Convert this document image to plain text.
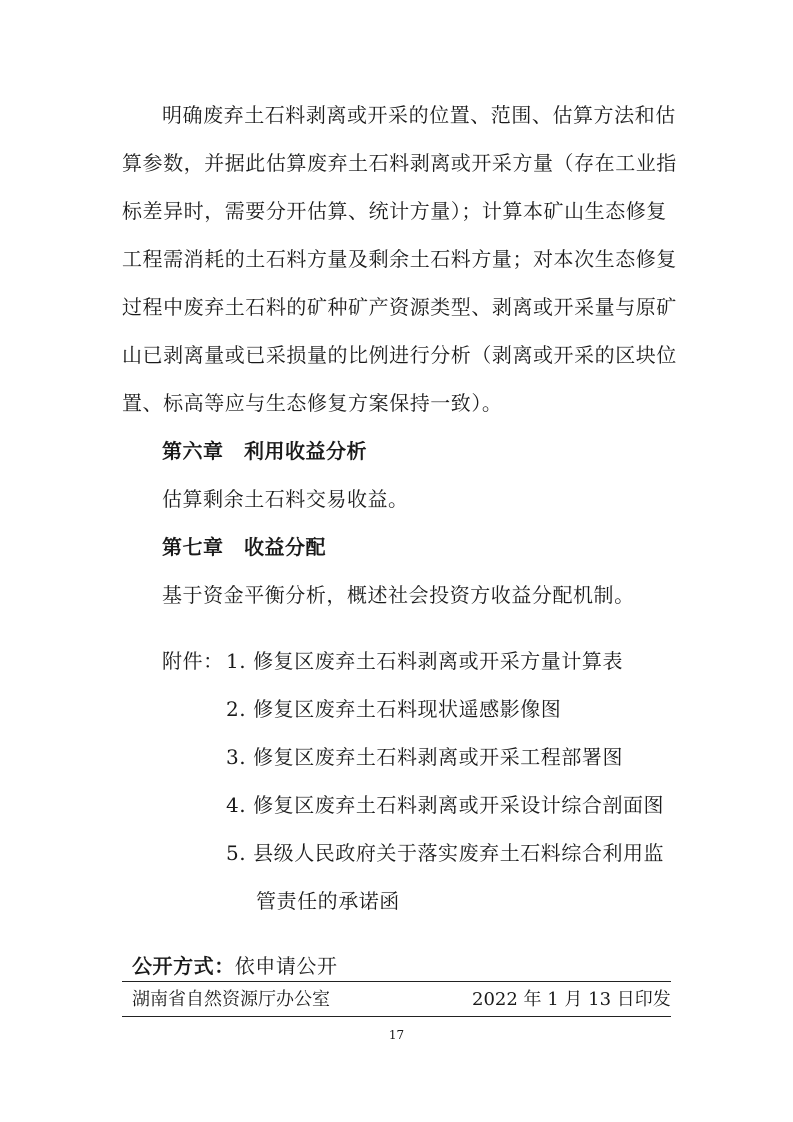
明确废弃土石料剥离或开采的位置、范围、估算方法和估
算参数，并据此估算废弃土石料剥离或开采方量（存在工业指
标差异时，需要分开估算、统计方量）；计算本矿山生态修复
工程需消耗的土石料方量及剩余土石料方量；对本次生态修复
过程中废弃土石料的矿种矿产资源类型、剥离或开采量与原矿
山已剥离量或已采损量的比例进行分析（剥离或开采的区块位
置、标高等应与生态修复方案保持一致）。
第六章　利用收益分析
估算剩余土石料交易收益。
第七章　收益分配
基于资金平衡分析，概述社会投资方收益分配机制。
附件： 1. 修复区废弃土石料剥离或开采方量计算表
2. 修复区废弃土石料现状遥感影像图
3. 修复区废弃土石料剥离或开采工程部署图
4. 修复区废弃土石料剥离或开采设计综合剖面图
5. 县级人民政府关于落实废弃土石料综合利用监
管责任的承诺函
公开方式：依申请公开
湖南省自然资源厅办公室	2022 年 1 月 13 日印发
17
